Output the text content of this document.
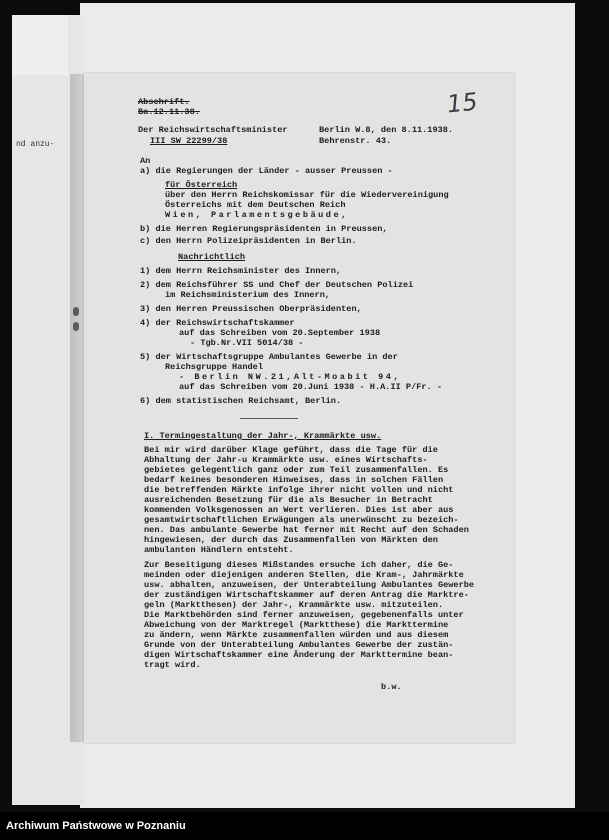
nd anzu-
15
Abschrift.
Ba.12.11.38.
Der Reichswirtschaftsminister
III SW 22299/38
Berlin W.8, den 8.11.1938.
Behrenstr. 43.
An
a) die Regierungen der Länder - ausser Preussen -
für Österreich
über den Herrn Reichskomissar für die Wiedervereinigung
Österreichs mit dem Deutschen Reich
Wien, Parlamentsgebäude,
b) die Herren Regierungspräsidenten in Preussen,
c) den Herrn Polizeipräsidenten in Berlin.
Nachrichtlich
1) dem Herrn Reichsminister des Innern,
2) dem Reichsführer SS und Chef der Deutschen Polizei
im Reichsministerium des Innern,
3) den Herren Preussischen Oberpräsidenten,
4) der Reichswirtschaftskammer
auf das Schreiben vom 20.September 1938
- Tgb.Nr.VII 5014/38 -
5) der Wirtschaftsgruppe Ambulantes Gewerbe in der
Reichsgruppe Handel
- Berlin NW.21,Alt-Moabit 94,
auf das Schreiben vom 20.Juni 1938 - H.A.II P/Fr. -
6) dem statistischen Reichsamt, Berlin.
I. Termingestaltung der Jahr-, Krammärkte usw.
Bei mir wird darüber Klage geführt, dass die Tage für die
Abhaltung der Jahr-u Krammärkte usw. eines Wirtschafts-
gebietes gelegentlich ganz oder zum Teil zusammenfallen. Es
bedarf keines besonderen Hinweises, dass in solchen Fällen
die betreffenden Märkte infolge ihrer nicht vollen und nicht
ausreichenden Besetzung für die als Besucher in Betracht
kommenden Volksgenossen an Wert verlieren. Dies ist aber aus
gesamtwirtschaftlichen Erwägungen als unerwünscht zu bezeich-
nen. Das ambulante Gewerbe hat ferner mit Recht auf den Schaden
hingewiesen, der durch das Zusammenfallen von Märkten den
ambulanten Händlern entsteht.
Zur Beseitigung dieses Mißstandes ersuche ich daher, die Ge-
meinden oder diejenigen anderen Stellen, die Kram-, Jahrmärkte
usw. abhalten, anzuweisen, der Unterabteilung Ambulantes Gewerbe
der zuständigen Wirtschaftskammer auf deren Antrag die Marktre-
geln (Marktthesen) der Jahr-, Krammärkte usw. mitzuteilen.
Die Marktbehörden sind ferner anzuweisen, gegebenenfalls unter
Abweichung von der Marktregel (Marktthese) die Markttermine
zu ändern, wenn Märkte zusammenfallen würden und aus diesem
Grunde von der Unterabteilung Ambulantes Gewerbe der zustän-
digen Wirtschaftskammer eine Änderung der Markttermine bean-
tragt wird.
b.w.
Archiwum Państwowe w Poznaniu
